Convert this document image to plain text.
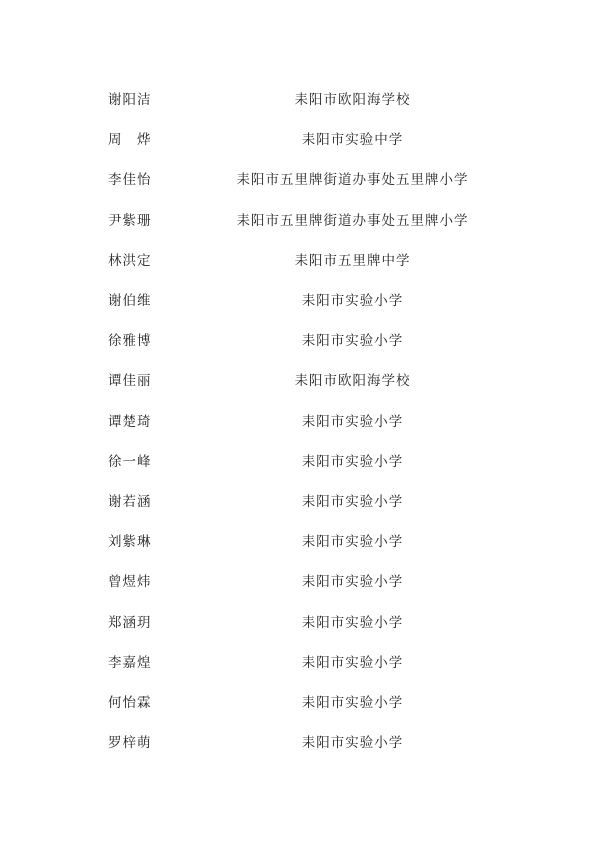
谢阳洁	耒阳市欧阳海学校
周　烨	耒阳市实验中学
李佳怡	耒阳市五里牌街道办事处五里牌小学
尹紫珊	耒阳市五里牌街道办事处五里牌小学
林洪定	耒阳市五里牌中学
谢伯维	耒阳市实验小学
徐雅博	耒阳市实验小学
谭佳丽	耒阳市欧阳海学校
谭楚琦	耒阳市实验小学
徐一峰	耒阳市实验小学
谢若涵	耒阳市实验小学
刘紫琳	耒阳市实验小学
曾煜炜	耒阳市实验小学
郑涵玥	耒阳市实验小学
李嘉煌	耒阳市实验小学
何怡霖	耒阳市实验小学
罗梓萌	耒阳市实验小学
